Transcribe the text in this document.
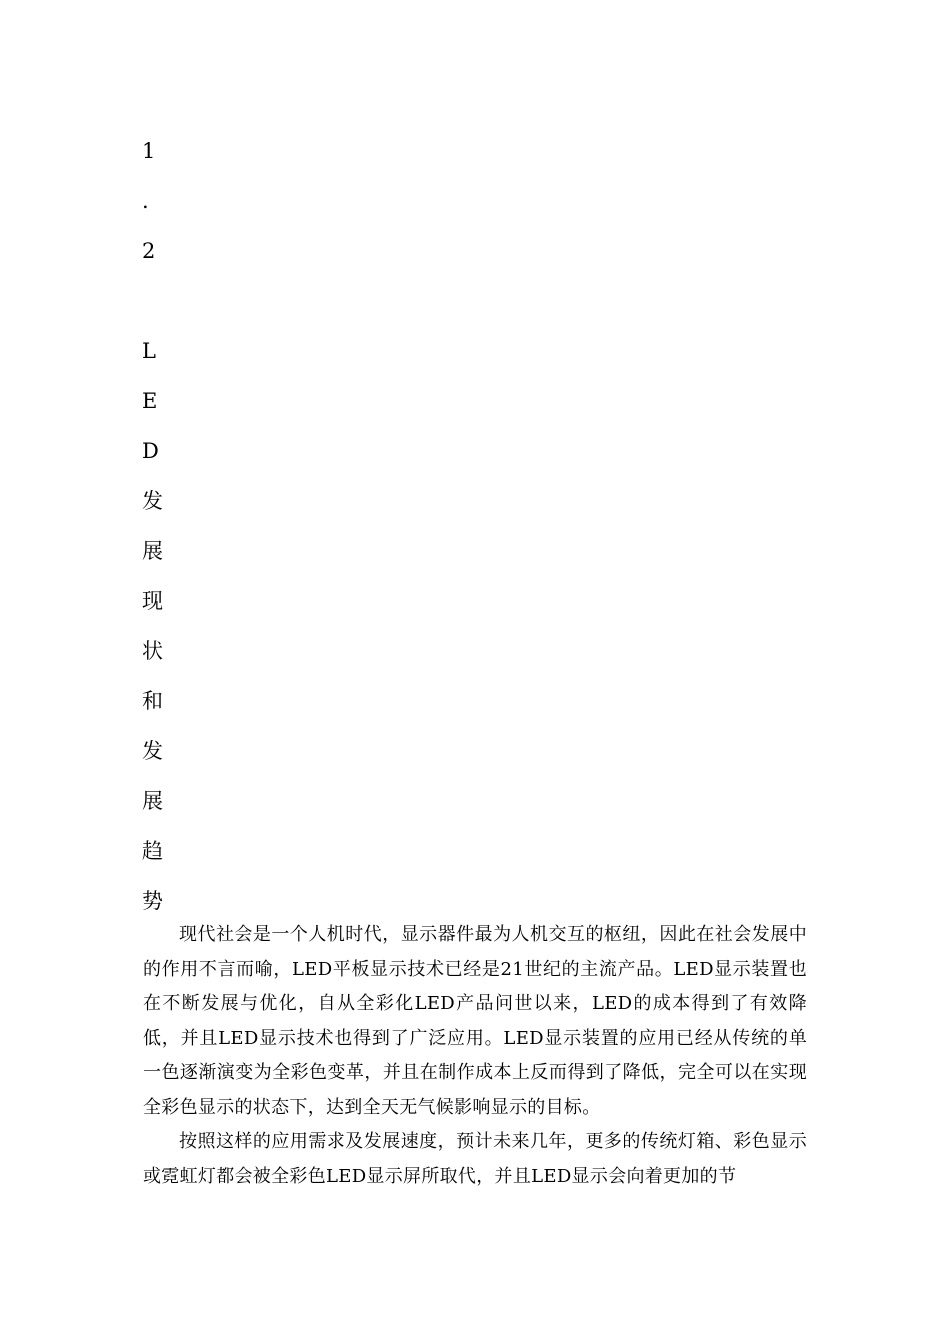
1
.
2
L
E
D
发
展
现
状
和
发
展
趋
势

现代社会是一个人机时代，显示器件最为人机交互的枢纽，因此在社会发展中的作用不言而喻，LED平板显示技术已经是21世纪的主流产品。LED显示装置也在不断发展与优化，自从全彩化LED产品问世以来，LED的成本得到了有效降低，并且LED显示技术也得到了广泛应用。LED显示装置的应用已经从传统的单一色逐渐演变为全彩色变革，并且在制作成本上反而得到了降低，完全可以在实现全彩色显示的状态下，达到全天无气候影响显示的目标。

按照这样的应用需求及发展速度，预计未来几年，更多的传统灯箱、彩色显示或霓虹灯都会被全彩色LED显示屏所取代，并且LED显示会向着更加的节
